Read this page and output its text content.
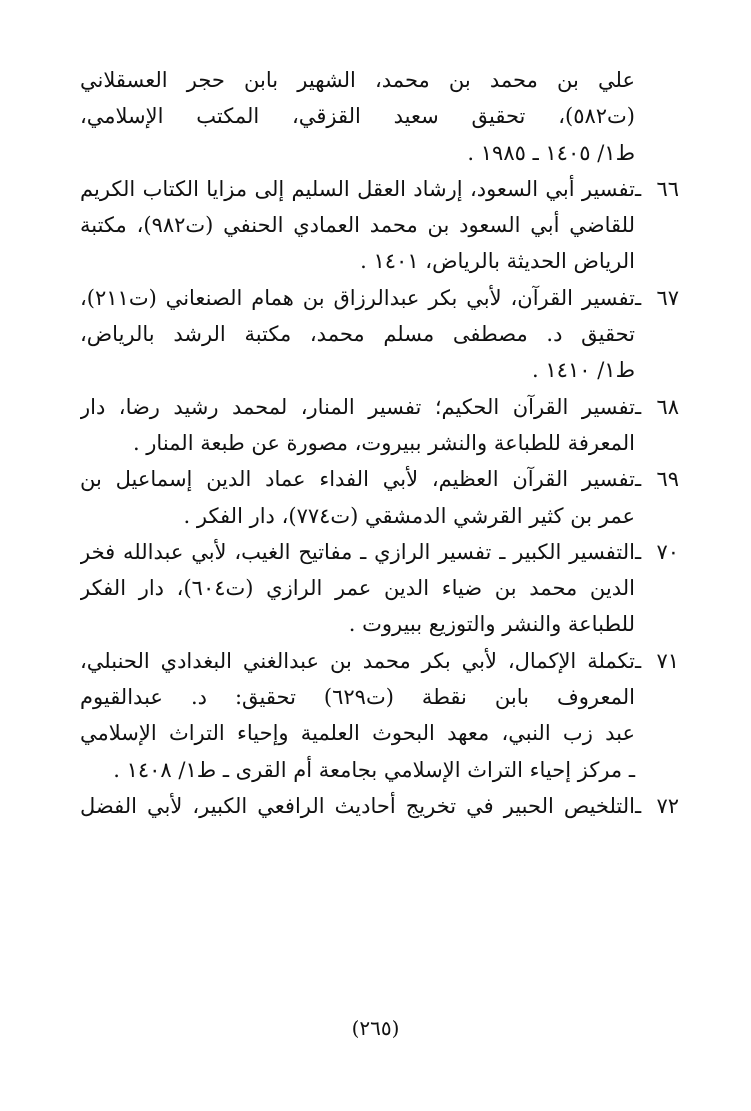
علي بن محمد بن محمد، الشهير بابن حجر العسقلاني
(ت٥٨٢)، تحقيق سعيد القزقي، المكتب الإسلامي،
ط١/ ١٤٠٥ ـ ١٩٨٥ .
٦٦ ـتفسير أبي السعود، إرشاد العقل السليم إلى مزايا الكتاب الكريم
للقاضي أبي السعود بن محمد العمادي الحنفي (ت٩٨٢)، مكتبة
الرياض الحديثة بالرياض، ١٤٠١ .
٦٧ ـتفسير القرآن، لأبي بكر عبدالرزاق بن همام الصنعاني (ت٢١١)،
تحقيق د. مصطفى مسلم محمد، مكتبة الرشد بالرياض،
ط١/ ١٤١٠ .
٦٨ ـتفسير القرآن الحكيم؛ تفسير المنار، لمحمد رشيد رضا، دار
المعرفة للطباعة والنشر ببيروت، مصورة عن طبعة المنار .
٦٩ ـتفسير القرآن العظيم، لأبي الفداء عماد الدين إسماعيل بن
عمر بن كثير القرشي الدمشقي (ت٧٧٤)، دار الفكر .
٧٠ ـالتفسير الكبير ـ تفسير الرازي ـ مفاتيح الغيب، لأبي عبدالله فخر
الدين محمد بن ضياء الدين عمر الرازي (ت٦٠٤)، دار الفكر
للطباعة والنشر والتوزيع ببيروت .
٧١ ـتكملة الإكمال، لأبي بكر محمد بن عبدالغني البغدادي الحنبلي،
المعروف بابن نقطة (ت٦٢٩) تحقيق: د. عبدالقيوم
عبد زب النبي، معهد البحوث العلمية وإحياء التراث الإسلامي
ـ مركز إحياء التراث الإسلامي بجامعة أم القرى ـ ط١/ ١٤٠٨ .
٧٢ ـالتلخيص الحبير في تخريج أحاديث الرافعي الكبير، لأبي الفضل
(٢٦٥)
